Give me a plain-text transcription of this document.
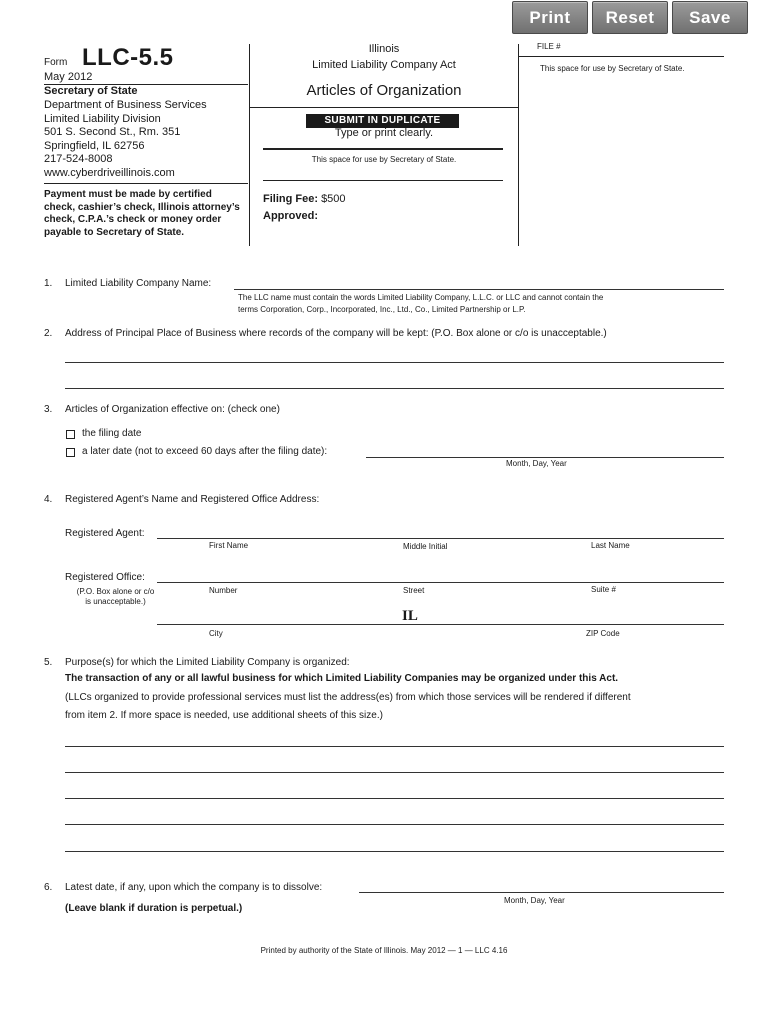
Print	Reset	Save
Form LLC-5.5
May 2012
Secretary of State
Department of Business Services
Limited Liability Division
501 S. Second St., Rm. 351
Springfield, IL 62756
217-524-8008
www.cyberdriveillinois.com
Payment must be made by certified
check, cashier’s check, Illinois attorney’s
check, C.P.A.’s check or money order
payable to Secretary of State.
Illinois
Limited Liability Company Act
Articles of Organization
SUBMIT IN DUPLICATE
Type or print clearly.
This space for use by Secretary of State.
Filing Fee: $500
Approved:
FILE #
This space for use by Secretary of State.
1. Limited Liability Company Name:
The LLC name must contain the words Limited Liability Company, L.L.C. or LLC and cannot contain the
terms Corporation, Corp., Incorporated, Inc., Ltd., Co., Limited Partnership or L.P.
2. Address of Principal Place of Business where records of the company will be kept: (P.O. Box alone or c/o is unacceptable.)
3. Articles of Organization effective on: (check one)
the filing date
a later date (not to exceed 60 days after the filing date):
Month, Day, Year
4. Registered Agent’s Name and Registered Office Address:
Registered Agent:
First Name	Middle Initial	Last Name
Registered Office:
(P.O. Box alone or c/o
is unacceptable.)
Number	Street	Suite #
IL
City	ZIP Code
5. Purpose(s) for which the Limited Liability Company is organized:
The transaction of any or all lawful business for which Limited Liability Companies may be organized under this Act.
(LLCs organized to provide professional services must list the address(es) from which those services will be rendered if different
from item 2. If more space is needed, use additional sheets of this size.)
6. Latest date, if any, upon which the company is to dissolve:
Month, Day, Year
(Leave blank if duration is perpetual.)
Printed by authority of the State of Illinois. May 2012 — 1 — LLC 4.16
